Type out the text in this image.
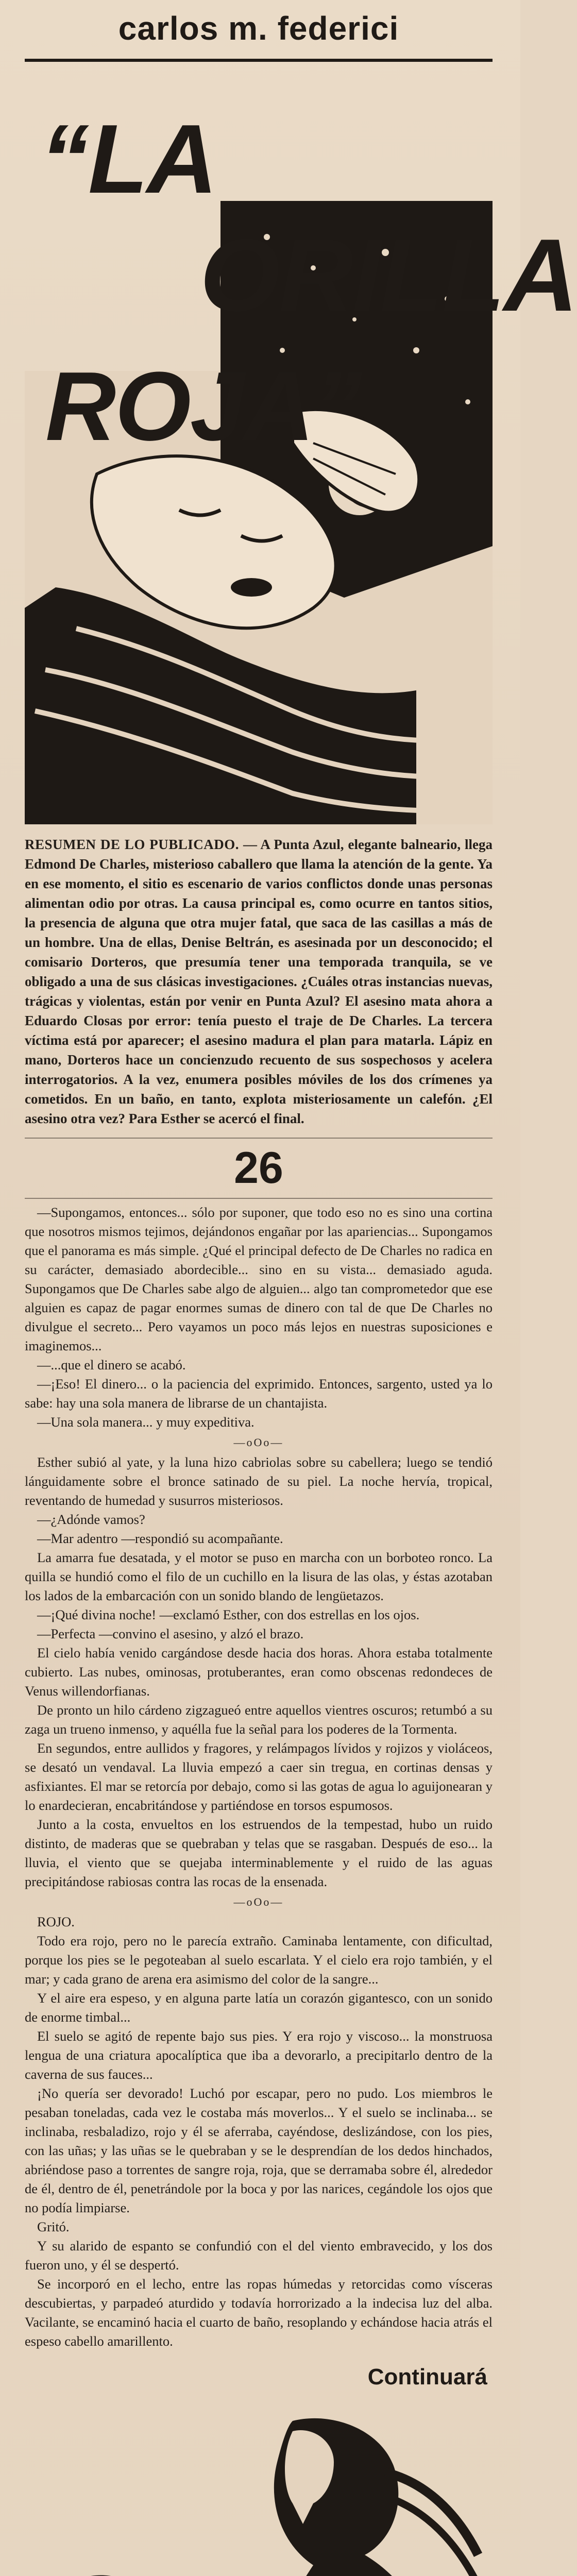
carlos m. federici
“LA
ORILLA
ROJA”
RESUMEN DE LO PUBLICADO. — A Punta Azul, elegante balneario, llega Edmond De Charles, misterioso caballero que llama la atención de la gente. Ya en ese momento, el sitio es escenario de varios conflictos donde unas personas alimentan odio por otras. La causa principal es, como ocurre en tantos sitios, la presencia de alguna que otra mujer fatal, que saca de las casillas a más de un hombre. Una de ellas, Denise Beltrán, es asesinada por un desconocido; el comisario Dorteros, que presumía tener una temporada tranquila, se ve obligado a una de sus clásicas investigaciones. ¿Cuáles otras instancias nuevas, trágicas y violentas, están por venir en Punta Azul? El asesino mata ahora a Eduardo Closas por error: tenía puesto el traje de De Charles. La tercera víctima está por aparecer; el asesino madura el plan para matarla. Lápiz en mano, Dorteros hace un concienzudo recuento de sus sospechosos y acelera interrogatorios. A la vez, enumera posibles móviles de los dos crímenes ya cometidos. En un baño, en tanto, explota misteriosamente un calefón. ¿El asesino otra vez? Para Esther se acercó el final.
26

—Supongamos, entonces... sólo por suponer, que todo eso no es sino una cortina que nosotros mismos tejimos, dejándonos engañar por las apariencias... Supongamos que el panorama es más simple. ¿Qué el principal defecto de De Charles no radica en su carácter, demasiado abordecible... sino en su vista... demasiado aguda. Supongamos que De Charles sabe algo de alguien... algo tan comprometedor que ese alguien es capaz de pagar enormes sumas de dinero con tal de que De Charles no divulgue el secreto... Pero vayamos un poco más lejos en nuestras suposiciones e imaginemos...

—...que el dinero se acabó.

—¡Eso! El dinero... o la paciencia del exprimido. Entonces, sargento, usted ya lo sabe: hay una sola manera de librarse de un chantajista.

—Una sola manera... y muy expeditiva.

—oOo—

Esther subió al yate, y la luna hizo cabriolas sobre su cabellera; luego se tendió lánguidamente sobre el bronce satinado de su piel. La noche hervía, tropical, reventando de humedad y susurros misteriosos.

—¿Adónde vamos?

—Mar adentro —respondió su acompañante.

La amarra fue desatada, y el motor se puso en marcha con un borboteo ronco. La quilla se hundió como el filo de un cuchillo en la lisura de las olas, y éstas azotaban los lados de la embarcación con un sonido blando de lengüetazos.

—¡Qué divina noche! —exclamó Esther, con dos estrellas en los ojos.

—Perfecta —convino el asesino, y alzó el brazo.

El cielo había venido cargándose desde hacia dos horas. Ahora estaba totalmente cubierto. Las nubes, ominosas, protuberantes, eran como obscenas redondeces de Venus willendorfianas.

De pronto un hilo cárdeno zigzagueó entre aquellos vientres oscuros; retumbó a su zaga un trueno inmenso, y aquélla fue la señal para los poderes de la Tormenta.

En segundos, entre aullidos y fragores, y relámpagos lívidos y rojizos y violáceos, se desató un vendaval. La lluvia empezó a caer sin tregua, en cortinas densas y asfixiantes. El mar se retorcía por debajo, como si las gotas de agua lo aguijonearan y lo enardecieran, encabritándose y partiéndose en torsos espumosos.

Junto a la costa, envueltos en los estruendos de la tempestad, hubo un ruido distinto, de maderas que se quebraban y telas que se rasgaban. Después de eso... la lluvia, el viento que se quejaba interminablemente y el ruido de las aguas precipitándose rabiosas contra las rocas de la ensenada.

—oOo—

ROJO.

Todo era rojo, pero no le parecía extraño. Caminaba lentamente, con dificultad, porque los pies se le pegoteaban al suelo escarlata. Y el cielo era rojo también, y el mar; y cada grano de arena era asimismo del color de la sangre...

Y el aire era espeso, y en alguna parte latía un corazón gigantesco, con un sonido de enorme timbal...

El suelo se agitó de repente bajo sus pies. Y era rojo y viscoso... la monstruosa lengua de una criatura apocalíptica que iba a devorarlo, a precipitarlo dentro de la caverna de sus fauces...

¡No quería ser devorado! Luchó por escapar, pero no pudo. Los miembros le pesaban toneladas, cada vez le costaba más moverlos... Y el suelo se inclinaba... se inclinaba, resbaladizo, rojo y él se aferraba, cayéndose, deslizándose, con los pies, con las uñas; y las uñas se le quebraban y se le desprendían de los dedos hinchados, abriéndose paso a torrentes de sangre roja, roja, que se derramaba sobre él, alrededor de él, dentro de él, penetrándole por la boca y por las narices, cegándole los ojos que no podía limpiarse.

Gritó.

Y su alarido de espanto se confundió con el del viento embravecido, y los dos fueron uno, y él se despertó.

Se incorporó en el lecho, entre las ropas húmedas y retorcidas como vísceras descubiertas, y parpadeó aturdido y todavía horrorizado a la indecisa luz del alba. Vacilante, se encaminó hacia el cuarto de baño, resoplando y echándose hacia atrás el espeso cabello amarillento.

Continuará
